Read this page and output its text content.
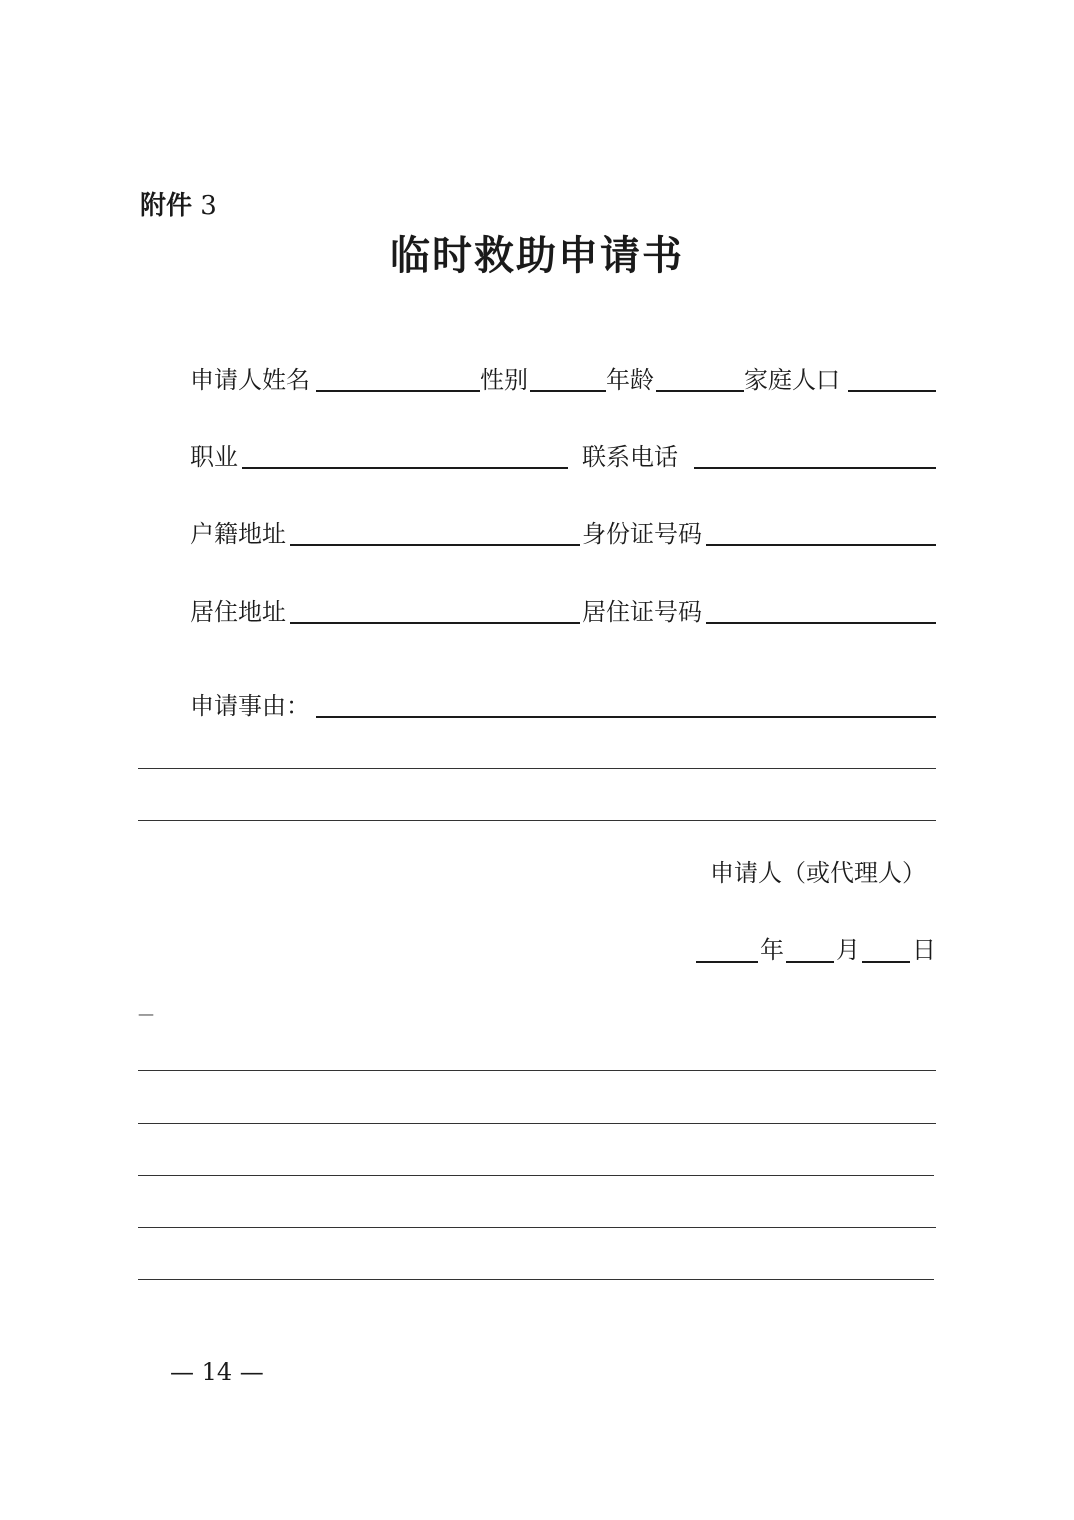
附件 3
临时救助申请书
申请人姓名	性别	年龄	家庭人口
职业	联系电话
户籍地址	身份证号码
居住地址	居住证号码
申请事由：
申请人（或代理人）
年 月 日
—
— 14 —
